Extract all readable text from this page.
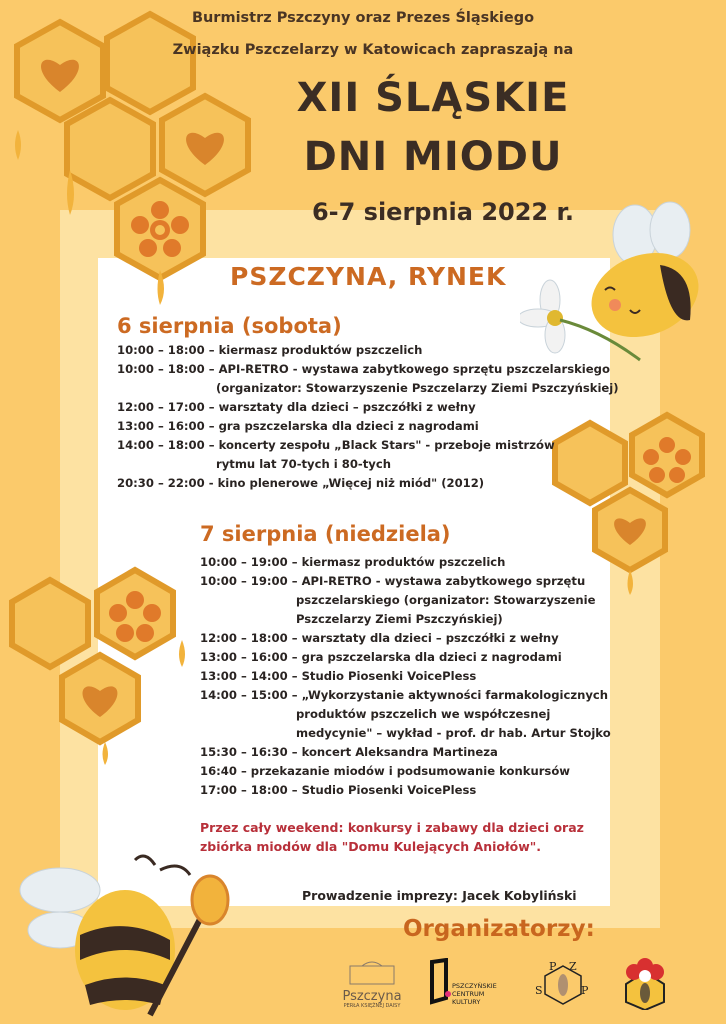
Burmistrz Pszczyny oraz Prezes Śląskiego
Związku Pszczelarzy w Katowicach zapraszają na
XII ŚLĄSKIE
DNI MIODU
6-7 sierpnia 2022 r.
PSZCZYNA, RYNEK
6 sierpnia (sobota)
10:00 – 18:00 – kiermasz produktów pszczelich
10:00 – 18:00 – API-RETRO - wystawa zabytkowego sprzętu pszczelarskiego
(organizator: Stowarzyszenie Pszczelarzy Ziemi Pszczyńskiej)
12:00 – 17:00 – warsztaty dla dzieci – pszczółki z wełny
13:00 – 16:00 – gra pszczelarska dla dzieci z nagrodami
14:00 – 18:00 – koncerty zespołu „Black Stars" - przeboje mistrzów
rytmu lat 70-tych i 80-tych
20:30 – 22:00 - kino plenerowe „Więcej niż miód" (2012)
7 sierpnia (niedziela)
10:00 – 19:00 – kiermasz produktów pszczelich
10:00 – 19:00 – API-RETRO - wystawa zabytkowego sprzętu
pszczelarskiego (organizator: Stowarzyszenie
Pszczelarzy Ziemi Pszczyńskiej)
12:00 – 18:00 – warsztaty dla dzieci – pszczółki z wełny
13:00 – 16:00 – gra pszczelarska dla dzieci z nagrodami
13:00 – 14:00 – Studio Piosenki VoicePless
14:00 – 15:00 – „Wykorzystanie aktywności farmakologicznych
produktów pszczelich we współczesnej
medycynie" – wykład - prof. dr hab. Artur Stojko
15:30 – 16:30 – koncert Aleksandra Martineza
16:40 – przekazanie miodów i podsumowanie konkursów
17:00 – 18:00 – Studio Piosenki VoicePless
Przez cały weekend: konkursy i zabawy dla dzieci oraz
zbiórka miodów dla "Domu Kulejących Aniołów".
Prowadzenie imprezy: Jacek Kobyliński
Organizatorzy:
Pszczyna
PERŁA KSIĘŻNEJ DAISY
PSZCZYŃSKIE CENTRUM KULTURY
P Z
S	P
